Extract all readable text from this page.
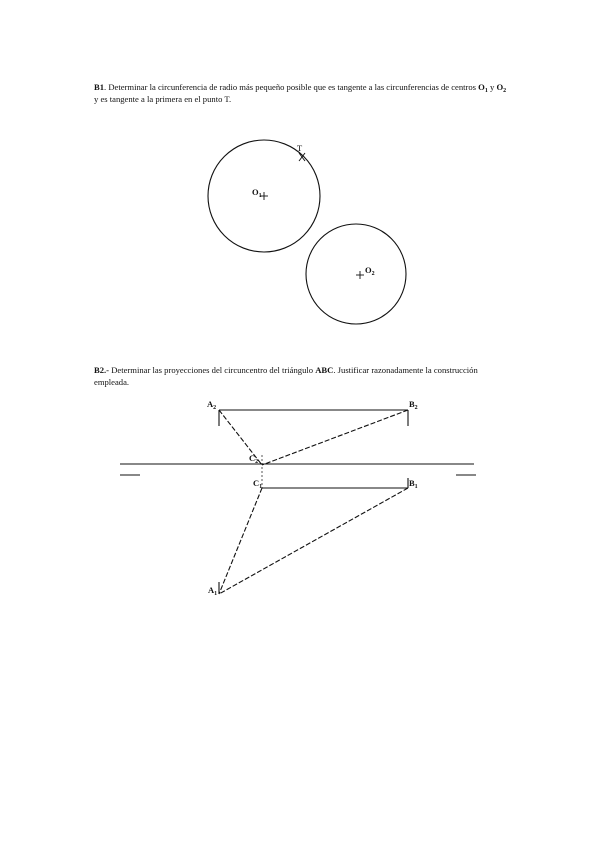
B1. Determinar la circunferencia de radio más pequeño posible que es tangente a las circunferencias de centros $O_1$ y $O_2$ y es tangente a la primera en el punto T.
B2.- Determinar las proyecciones del circuncentro del triángulo ABC. Justificar razonadamente la construcción empleada.
T
$O_1$
$O_2$
$A_2$	$B_2$
$C_2$
$C_1$	$B_1$
$A_1$
